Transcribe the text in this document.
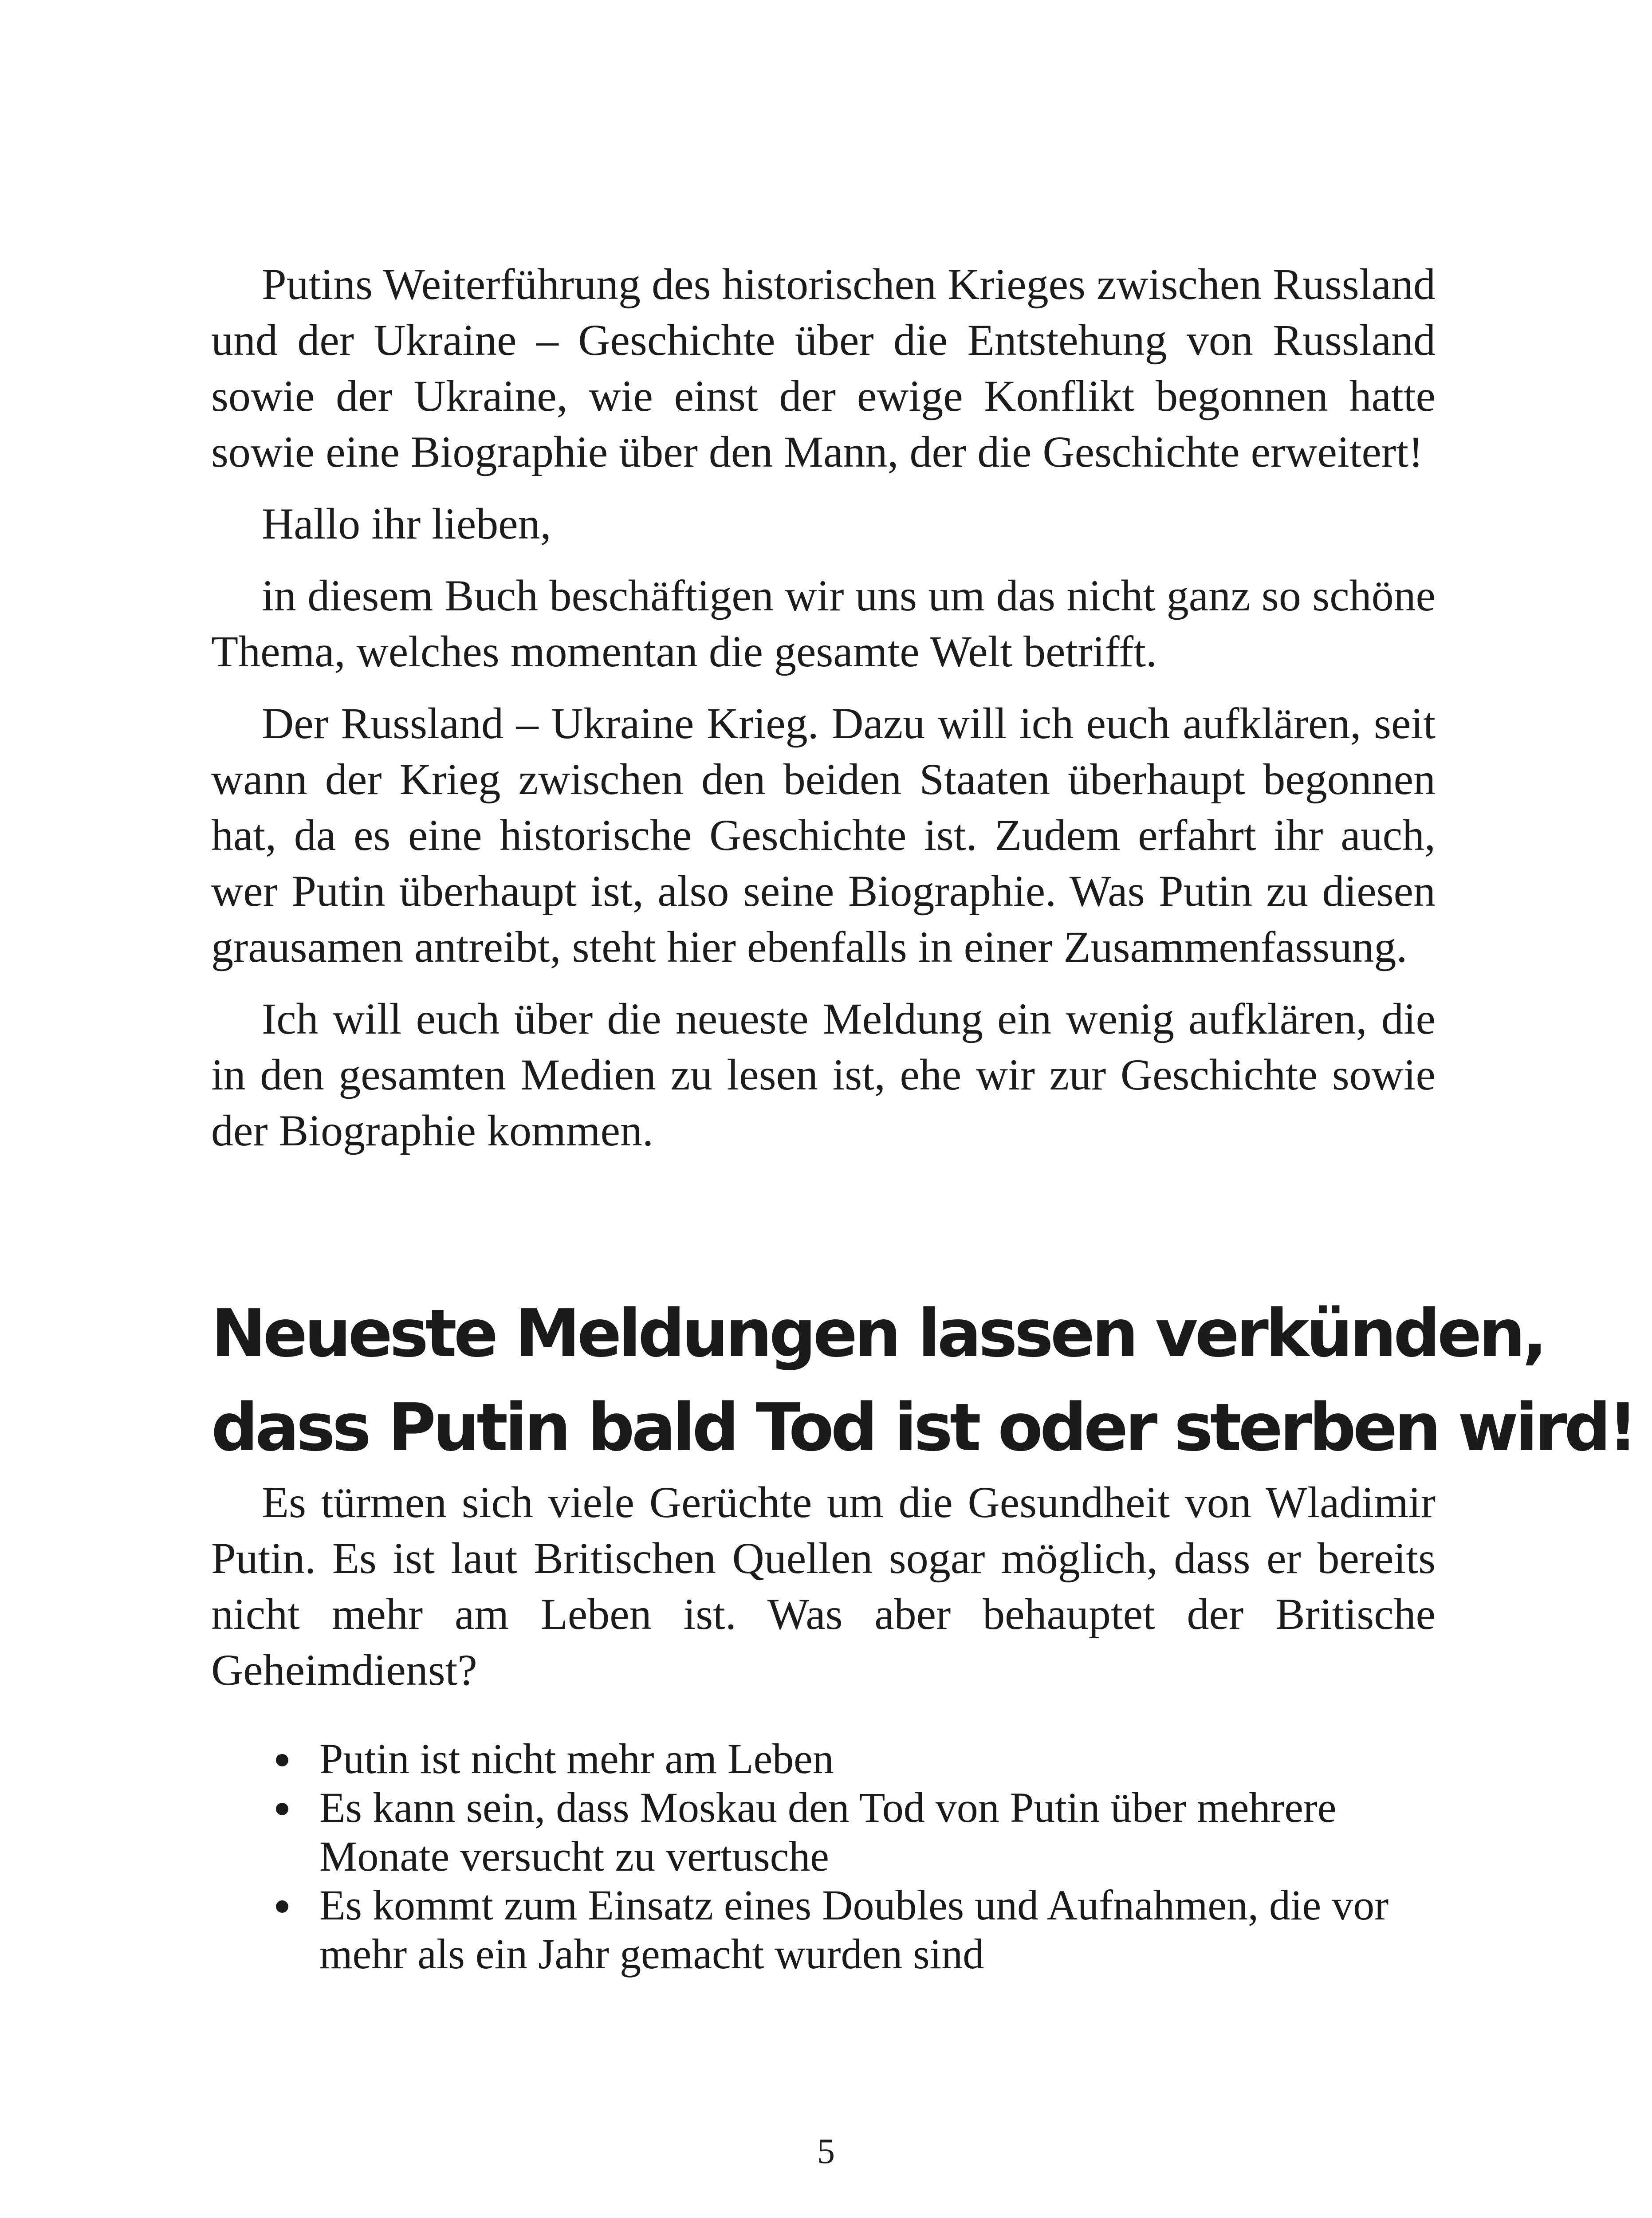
Putins Weiterführung des historischen Krieges zwischen Russland und der Ukraine – Geschichte über die Entstehung von Russland sowie der Ukraine, wie einst der ewige Konflikt begonnen hatte sowie eine Biographie über den Mann, der die Geschichte erweitert!

Hallo ihr lieben,

in diesem Buch beschäftigen wir uns um das nicht ganz so schöne Thema, welches momentan die gesamte Welt betrifft.

Der Russland – Ukraine Krieg. Dazu will ich euch aufklären, seit wann der Krieg zwischen den beiden Staaten überhaupt begonnen hat, da es eine historische Geschichte ist. Zudem erfahrt ihr auch, wer Putin überhaupt ist, also seine Biographie. Was Putin zu diesen grausamen antreibt, steht hier ebenfalls in einer Zusammenfassung.

Ich will euch über die neueste Meldung ein wenig aufklären, die in den gesamten Medien zu lesen ist, ehe wir zur Geschichte sowie der Biographie kommen.

Neueste Meldungen lassen verkünden,
dass Putin bald Tod ist oder sterben wird!

Es türmen sich viele Gerüchte um die Gesundheit von Wladimir Putin. Es ist laut Britischen Quellen sogar möglich, dass er bereits nicht mehr am Leben ist. Was aber behauptet der Britische Geheimdienst?

Putin ist nicht mehr am Leben
Es kann sein, dass Moskau den Tod von Putin über mehrere Monate versucht zu vertusche
Es kommt zum Einsatz eines Doubles und Aufnahmen, die vor mehr als ein Jahr gemacht wurden sind
5
